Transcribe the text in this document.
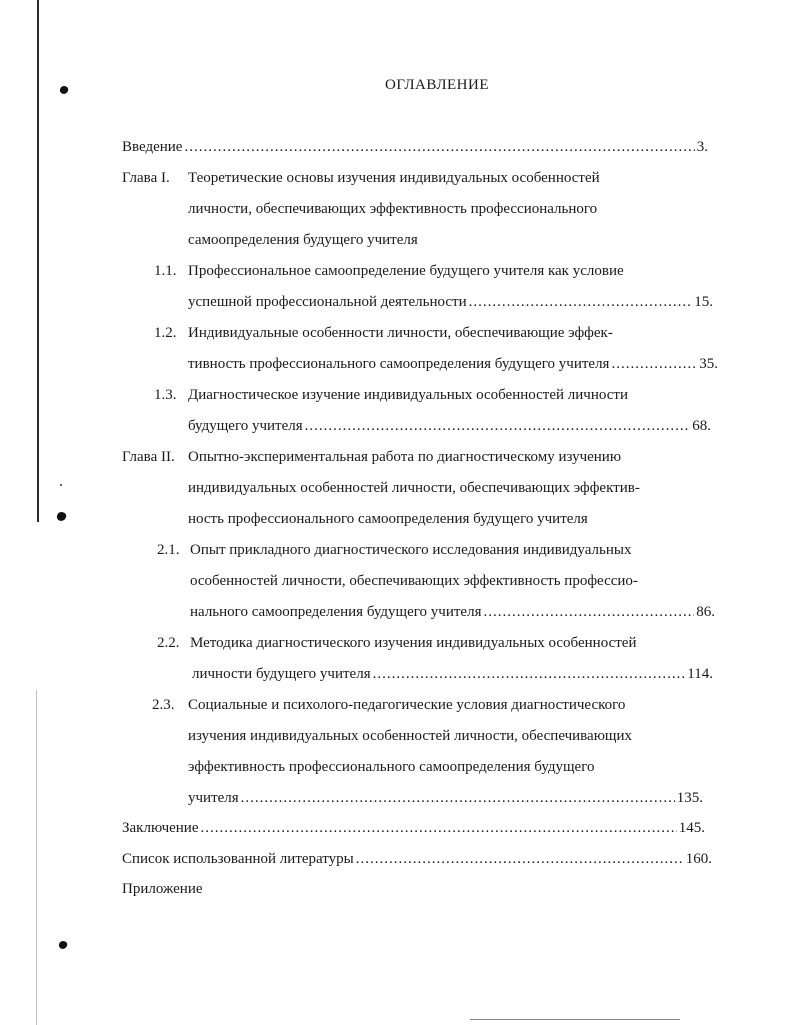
ОГЛАВЛЕНИЕ
Введение .....	3.
Глава I. Теоретические основы изучения индивидуальных особенностей
личности, обеспечивающих эффективность профессионального
самоопределения будущего учителя
1.1. Профессиональное самоопределение будущего учителя как условие
успешной профессиональной деятельности .....	15.
1.2. Индивидуальные особенности личности, обеспечивающие эффек-
тивность профессионального самоопределения будущего учителя .....	35.
1.3. Диагностическое изучение индивидуальных особенностей личности
будущего учителя .....	68.
Глава II. Опытно-экспериментальная работа по диагностическому изучению
индивидуальных особенностей личности, обеспечивающих эффектив-
ность профессионального самоопределения будущего учителя
2.1. Опыт прикладного диагностического исследования индивидуальных
особенностей личности, обеспечивающих эффективность профессио-
нального самоопределения будущего учителя .....	86.
2.2. Методика диагностического изучения индивидуальных особенностей
личности будущего учителя .....	114.
2.3. Социальные и психолого-педагогические условия диагностического
изучения индивидуальных особенностей личности, обеспечивающих
эффективность профессионального самоопределения будущего
учителя .....	135.
Заключение .....	145.
Список использованной литературы .....	160.
Приложение
